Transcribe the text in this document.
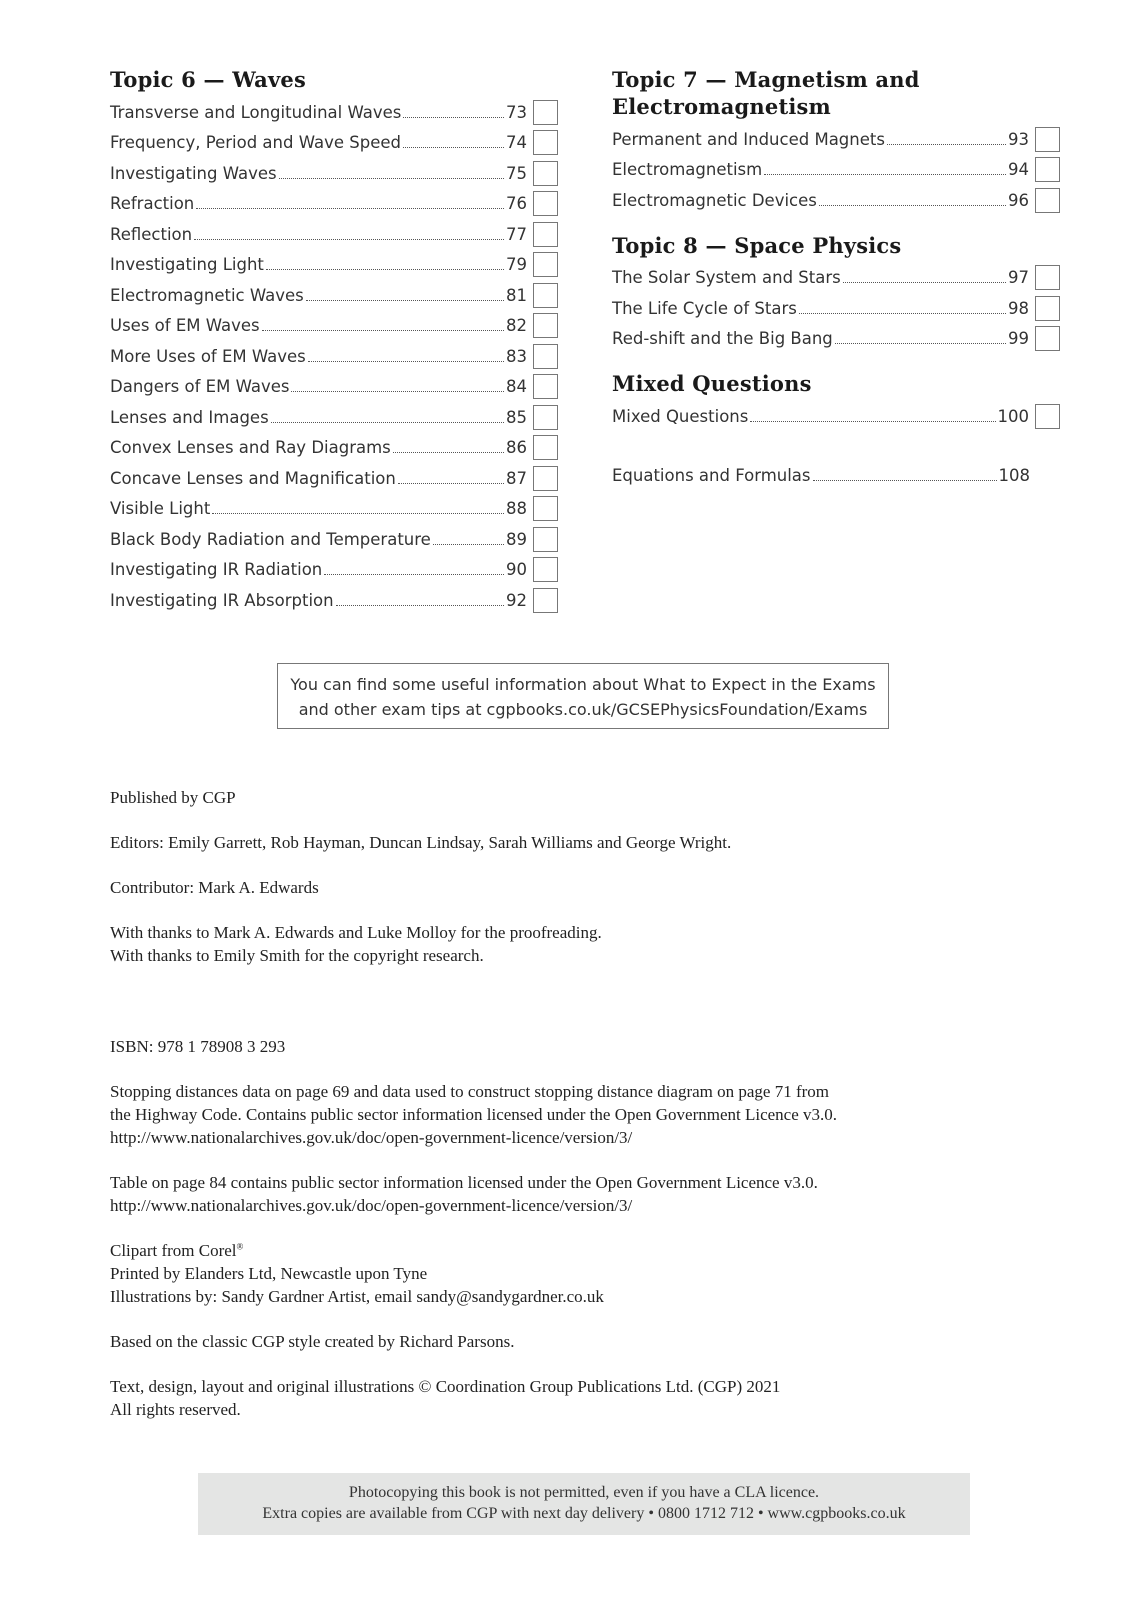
Topic 6 — Waves
Transverse and Longitudinal Waves	73
Frequency, Period and Wave Speed	74
Investigating Waves	75
Refraction	76
Reflection	77
Investigating Light	79
Electromagnetic Waves	81
Uses of EM Waves	82
More Uses of EM Waves	83
Dangers of EM Waves	84
Lenses and Images	85
Convex Lenses and Ray Diagrams	86
Concave Lenses and Magnification	87
Visible Light	88
Black Body Radiation and Temperature	89
Investigating IR Radiation	90
Investigating IR Absorption	92
Topic 7 — Magnetism and
Electromagnetism
Permanent and Induced Magnets	93
Electromagnetism	94
Electromagnetic Devices	96
Topic 8 — Space Physics
The Solar System and Stars	97
The Life Cycle of Stars	98
Red-shift and the Big Bang	99
Mixed Questions
Mixed Questions	100
Equations and Formulas	108
You can find some useful information about What to Expect in the Exams
and other exam tips at cgpbooks.co.uk/GCSEPhysicsFoundation/Exams

Published by CGP

Editors: Emily Garrett, Rob Hayman, Duncan Lindsay, Sarah Williams and George Wright.

Contributor: Mark A. Edwards

With thanks to Mark A. Edwards and Luke Molloy for the proofreading.

With thanks to Emily Smith for the copyright research.

ISBN: 978 1 78908 3 293

Stopping distances data on page 69 and data used to construct stopping distance diagram on page 71 from

the Highway Code. Contains public sector information licensed under the Open Government Licence v3.0.

http://www.nationalarchives.gov.uk/doc/open-government-licence/version/3/

Table on page 84 contains public sector information licensed under the Open Government Licence v3.0.

http://www.nationalarchives.gov.uk/doc/open-government-licence/version/3/

Clipart from Corel®

Printed by Elanders Ltd, Newcastle upon Tyne

Illustrations by: Sandy Gardner Artist, email sandy@sandygardner.co.uk

Based on the classic CGP style created by Richard Parsons.

Text, design, layout and original illustrations © Coordination Group Publications Ltd. (CGP) 2021

All rights reserved.

Photocopying this book is not permitted, even if you have a CLA licence.
Extra copies are available from CGP with next day delivery • 0800 1712 712 • www.cgpbooks.co.uk
